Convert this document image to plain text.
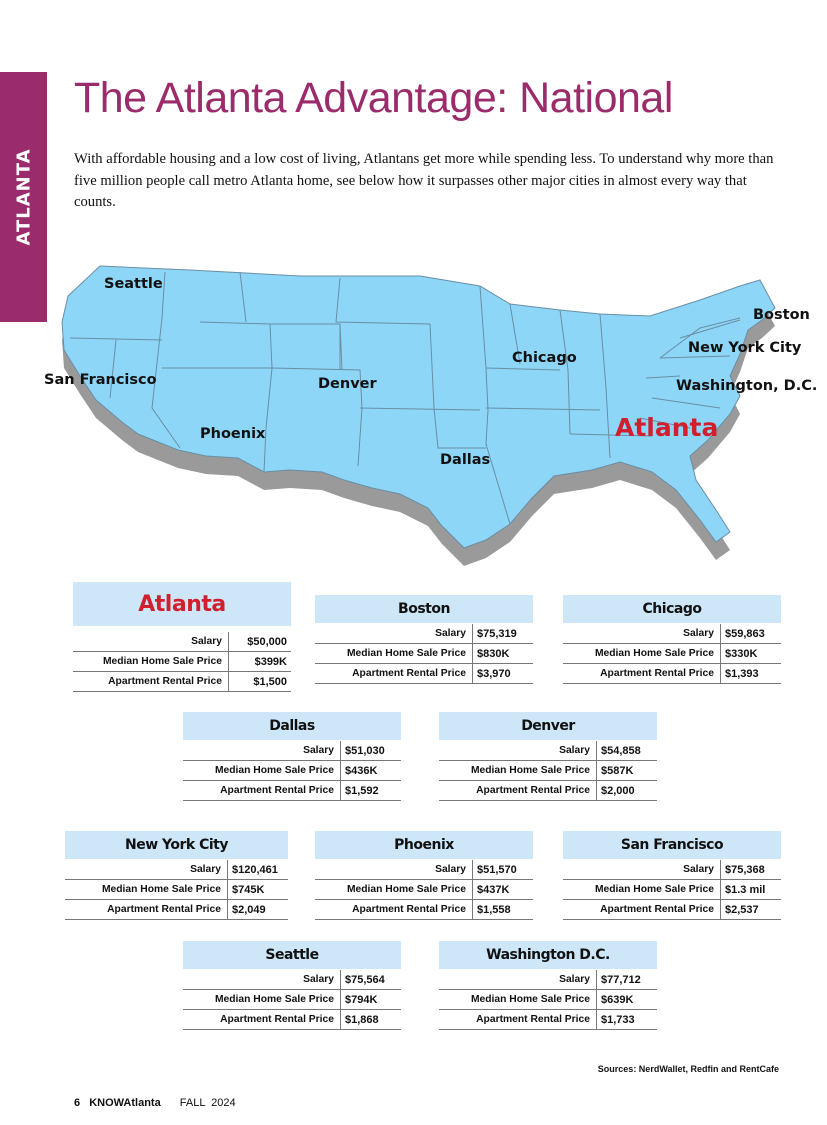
ATLANTA
The Atlanta Advantage: National

With affordable housing and a low cost of living, Atlantans get more while spending less. To understand why more than five million people call metro Atlanta home, see below how it surpasses other major cities in almost every way that counts.

Seattle
San Francisco
Phoenix
Denver
Dallas
Chicago
Atlanta
Washington, D.C.
New York City
Boston
Atlanta
Salary	$50,000
Median Home Sale Price	$399K
Apartment Rental Price	$1,500
Boston
Salary	$75,319
Median Home Sale Price	$830K
Apartment Rental Price	$3,970
Chicago
Salary	$59,863
Median Home Sale Price	$330K
Apartment Rental Price	$1,393
Dallas
Salary	$51,030
Median Home Sale Price	$436K
Apartment Rental Price	$1,592
Denver
Salary	$54,858
Median Home Sale Price	$587K
Apartment Rental Price	$2,000
New York City
Salary	$120,461
Median Home Sale Price	$745K
Apartment Rental Price	$2,049
Phoenix
Salary	$51,570
Median Home Sale Price	$437K
Apartment Rental Price	$1,558
San Francisco
Salary	$75,368
Median Home Sale Price	$1.3 mil
Apartment Rental Price	$2,537
Seattle
Salary	$75,564
Median Home Sale Price	$794K
Apartment Rental Price	$1,868
Washington D.C.
Salary	$77,712
Median Home Sale Price	$639K
Apartment Rental Price	$1,733
Sources: NerdWallet, Redfin and RentCafe
6 KNOWAtlanta FALL  2024
